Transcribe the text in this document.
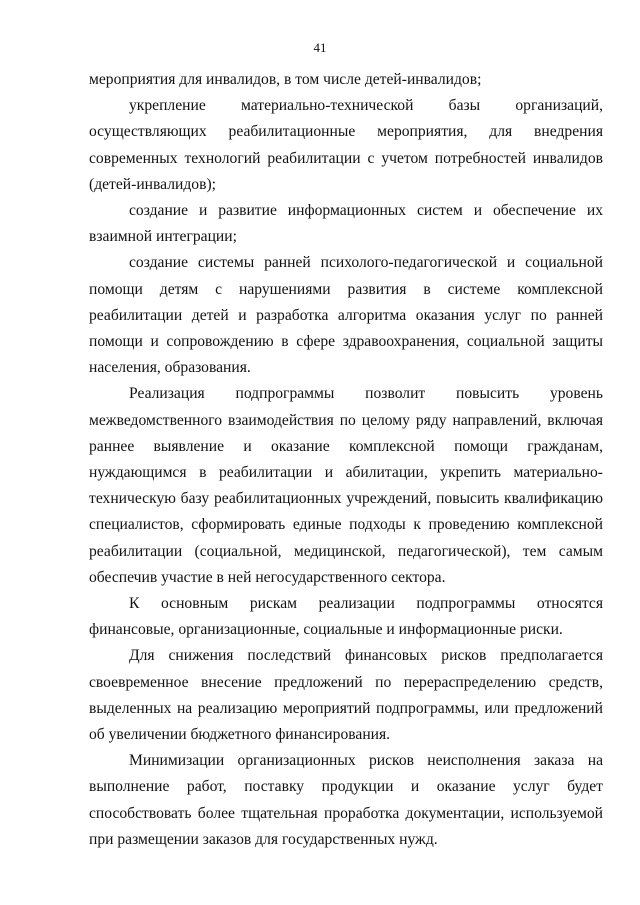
41

мероприятия для инвалидов, в том числе детей-инвалидов;

укрепление материально-технической базы организаций, осуществляющих реабилитационные мероприятия, для внедрения современных технологий реабилитации с учетом потребностей инвалидов (детей-инвалидов);

создание и развитие информационных систем и обеспечение их взаимной интеграции;

создание системы ранней психолого-педагогической и социальной помощи детям с нарушениями развития в системе комплексной реабилитации детей и разработка алгоритма оказания услуг по ранней помощи и сопровождению в сфере здравоохранения, социальной защиты населения, образования.

Реализация подпрограммы позволит повысить уровень межведомственного взаимодействия по целому ряду направлений, включая раннее выявление и оказание комплексной помощи гражданам, нуждающимся в реабилитации и абилитации, укрепить материально-техническую базу реабилитационных учреждений, повысить квалификацию специалистов, сформировать единые подходы к проведению комплексной реабилитации (социальной, медицинской, педагогической), тем самым обеспечив участие в ней негосударственного сектора.

К основным рискам реализации подпрограммы относятся финансовые, организационные, социальные и информационные риски.

Для снижения последствий финансовых рисков предполагается своевременное внесение предложений по перераспределению средств, выделенных на реализацию мероприятий подпрограммы, или предложений об увеличении бюджетного финансирования.

Минимизации организационных рисков неисполнения заказа на выполнение работ, поставку продукции и оказание услуг будет способствовать более тщательная проработка документации, используемой при размещении заказов для государственных нужд.
